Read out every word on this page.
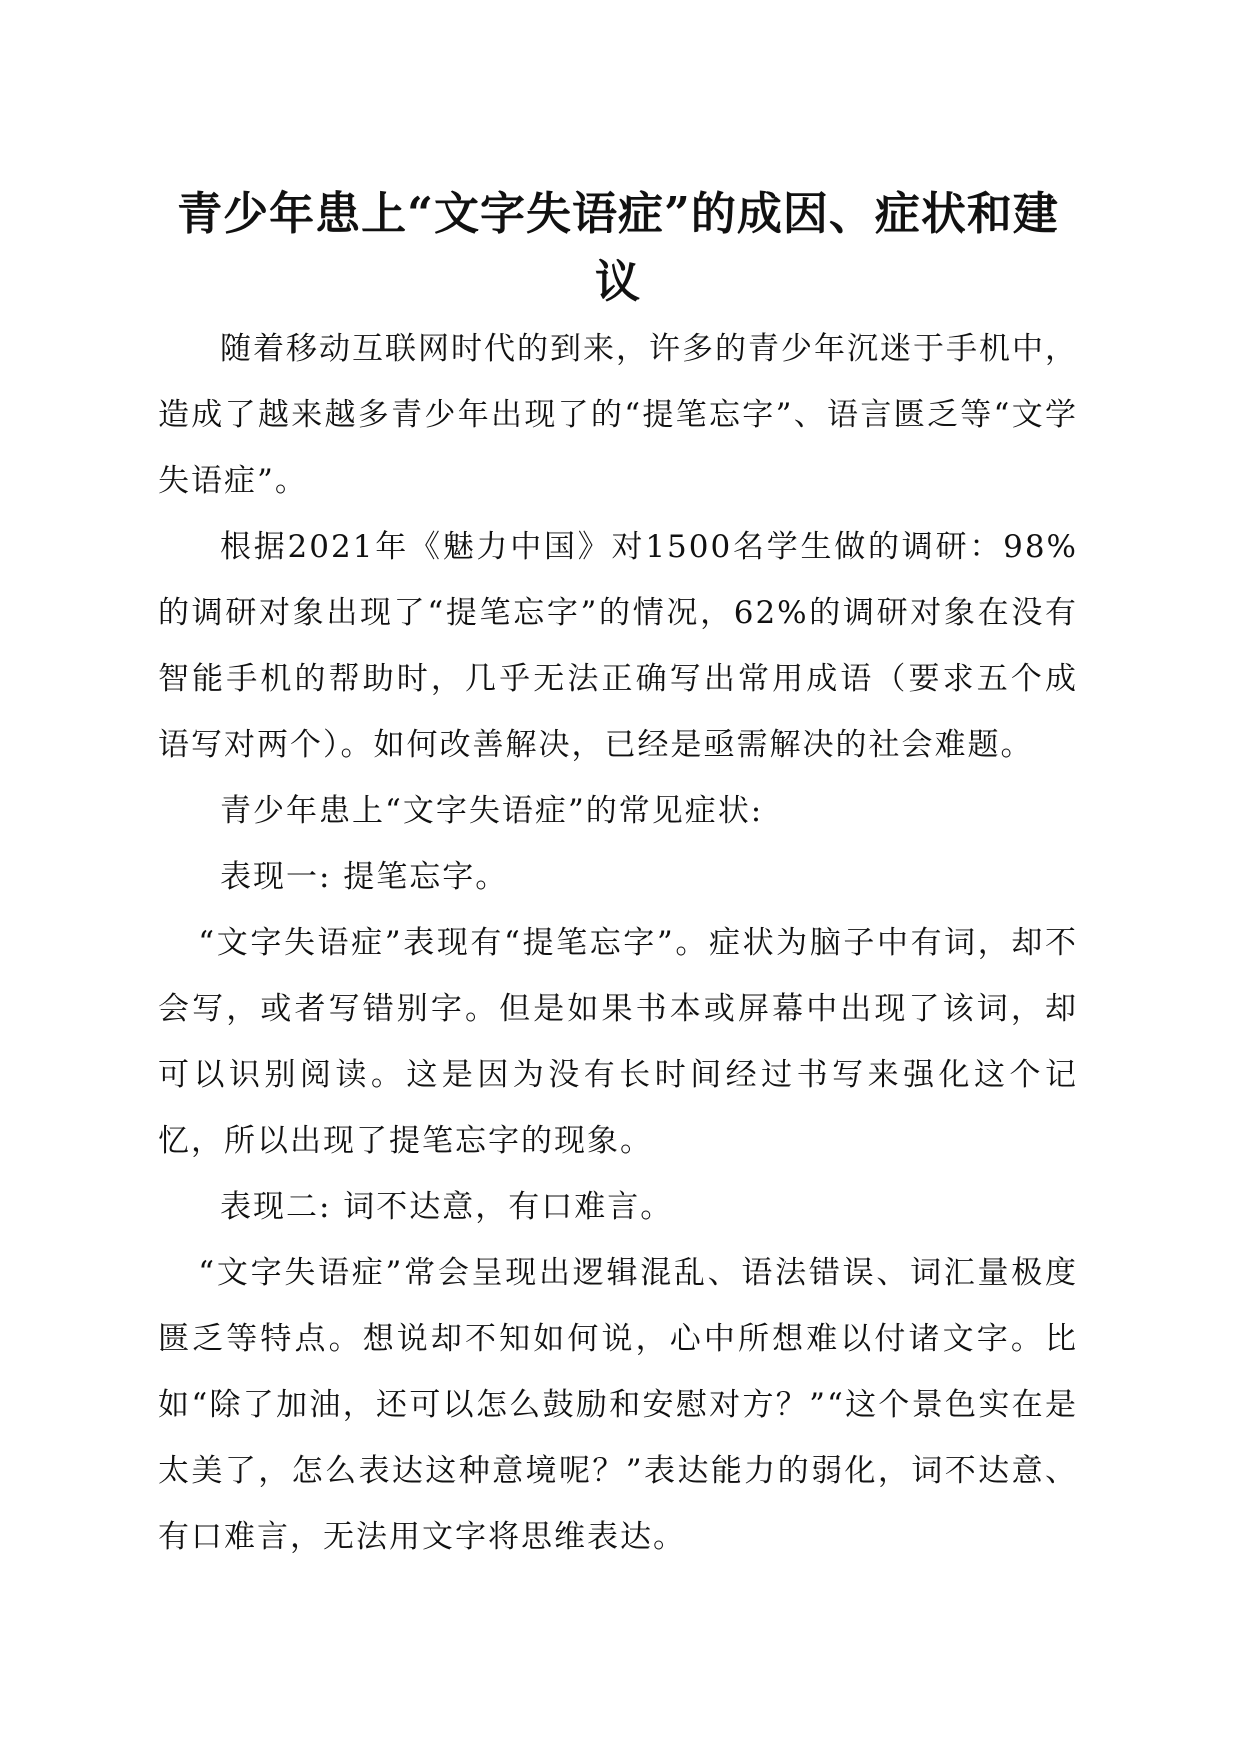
青少年患上“文字失语症”的成因、症状和建
议

随着移动互联网时代的到来，许多的青少年沉迷于手机中，造成了越来越多青少年出现了的“提笔忘字”、语言匮乏等“文学失语症”。

根据2021年《魅力中国》对1500名学生做的调研：98%的调研对象出现了“提笔忘字”的情况，62%的调研对象在没有智能手机的帮助时，几乎无法正确写出常用成语（要求五个成语写对两个）。如何改善解决，已经是亟需解决的社会难题。

青少年患上“文字失语症”的常见症状:

表现一: 提笔忘字。

“文字失语症”表现有“提笔忘字”。症状为脑子中有词，却不会写，或者写错别字。但是如果书本或屏幕中出现了该词，却可以识别阅读。这是因为没有长时间经过书写来强化这个记忆，所以出现了提笔忘字的现象。

表现二: 词不达意，有口难言。

“文字失语症”常会呈现出逻辑混乱、语法错误、词汇量极度匮乏等特点。想说却不知如何说，心中所想难以付诸文字。比如“除了加油，还可以怎么鼓励和安慰对方？”“这个景色实在是太美了，怎么表达这种意境呢？”表达能力的弱化，词不达意、有口难言，无法用文字将思维表达。
